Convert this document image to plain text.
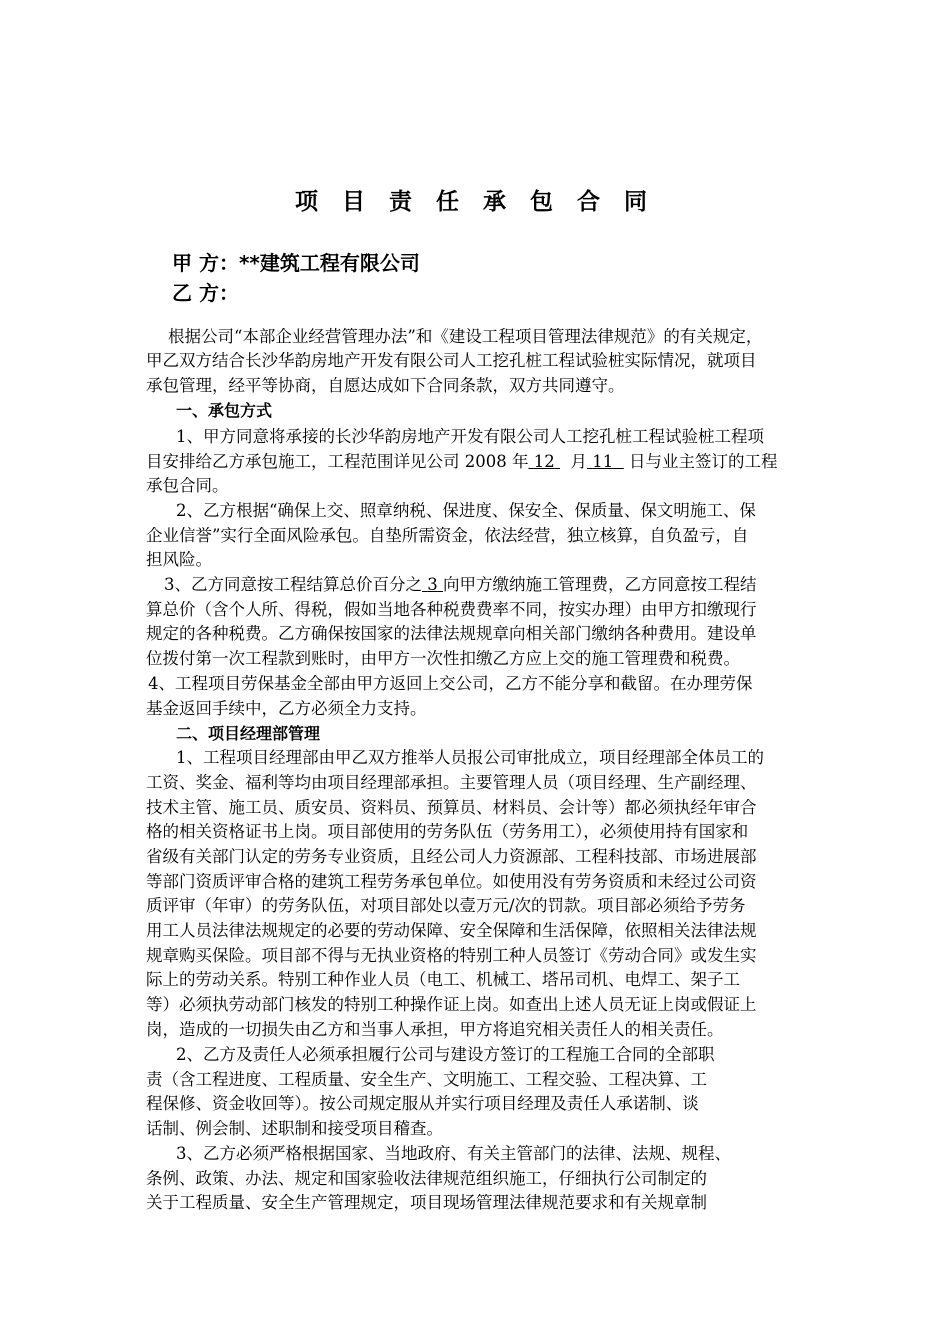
项 目 责 任 承 包 合 同
甲 方：**建筑工程有限公司
乙 方：
根据公司“本部企业经营管理办法”和《建设工程项目管理法律规范》的有关规定，
甲乙双方结合长沙华韵房地产开发有限公司人工挖孔桩工程试验桩实际情况，就项目
承包管理，经平等协商，自愿达成如下合同条款，双方共同遵守。
一、承包方式
1、甲方同意将承接的长沙华韵房地产开发有限公司人工挖孔桩工程试验桩工程项
目安排给乙方承包施工，工程范围详见公司 2008 年 12 月 11 日与业主签订的工程
承包合同。
2、乙方根据“确保上交、照章纳税、保进度、保安全、保质量、保文明施工、保
企业信誉”实行全面风险承包。自垫所需资金，依法经营，独立核算，自负盈亏，自
担风险。
3、乙方同意按工程结算总价百分之 3 向甲方缴纳施工管理费，乙方同意按工程结
算总价（含个人所、得税，假如当地各种税费费率不同，按实办理）由甲方扣缴现行
规定的各种税费。乙方确保按国家的法律法规规章向相关部门缴纳各种费用。建设单
位拨付第一次工程款到账时，由甲方一次性扣缴乙方应上交的施工管理费和税费。
4、工程项目劳保基金全部由甲方返回上交公司，乙方不能分享和截留。在办理劳保
基金返回手续中，乙方必须全力支持。
二、项目经理部管理
1、工程项目经理部由甲乙双方推举人员报公司审批成立，项目经理部全体员工的
工资、奖金、福利等均由项目经理部承担。主要管理人员（项目经理、生产副经理、
技术主管、施工员、质安员、资料员、预算员、材料员、会计等）都必须执经年审合
格的相关资格证书上岗。项目部使用的劳务队伍（劳务用工），必须使用持有国家和
省级有关部门认定的劳务专业资质，且经公司人力资源部、工程科技部、市场进展部
等部门资质评审合格的建筑工程劳务承包单位。如使用没有劳务资质和未经过公司资
质评审（年审）的劳务队伍，对项目部处以壹万元/次的罚款。项目部必须给予劳务
用工人员法律法规规定的必要的劳动保障、安全保障和生活保障，依照相关法律法规
规章购买保险。项目部不得与无执业资格的特别工种人员签订《劳动合同》或发生实
际上的劳动关系。特别工种作业人员（电工、机械工、塔吊司机、电焊工、架子工
等）必须执劳动部门核发的特别工种操作证上岗。如查出上述人员无证上岗或假证上
岗，造成的一切损失由乙方和当事人承担，甲方将追究相关责任人的相关责任。
2、乙方及责任人必须承担履行公司与建设方签订的工程施工合同的全部职
责（含工程进度、工程质量、安全生产、文明施工、工程交验、工程决算、工
程保修、资金收回等）。按公司规定服从并实行项目经理及责任人承诺制、谈
话制、例会制、述职制和接受项目稽查。
3、乙方必须严格根据国家、当地政府、有关主管部门的法律、法规、规程、
条例、政策、办法、规定和国家验收法律规范组织施工，仔细执行公司制定的
关于工程质量、安全生产管理规定，项目现场管理法律规范要求和有关规章制
